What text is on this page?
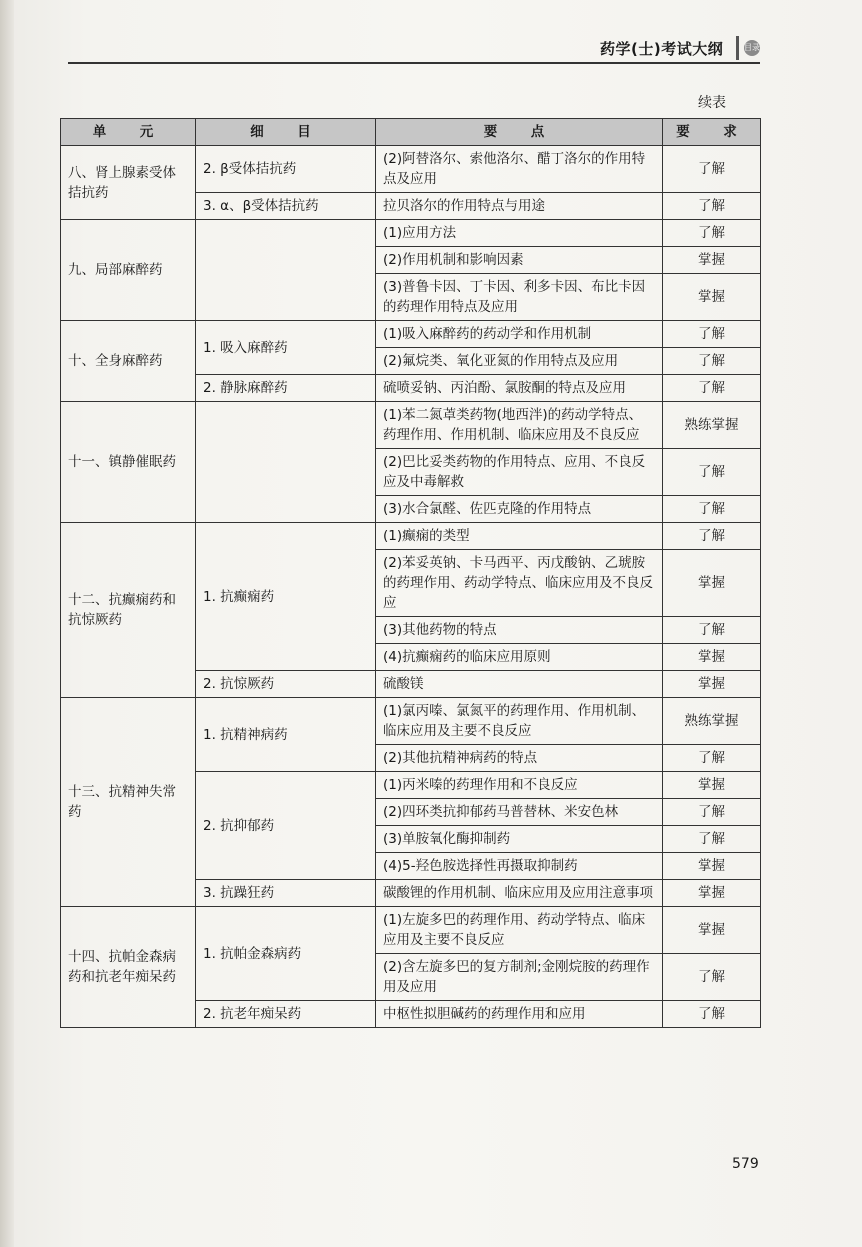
药学(士)考试大纲	目录
续表
单　元	细　目	要　点	要　求
八、肾上腺素受体拮抗药	2. β受体拮抗药	(2)阿替洛尔、索他洛尔、醋丁洛尔的作用特点及应用	了解
	3. α、β受体拮抗药	拉贝洛尔的作用特点与用途	了解
九、局部麻醉药		(1)应用方法	了解
		(2)作用机制和影响因素	掌握
		(3)普鲁卡因、丁卡因、利多卡因、布比卡因的药理作用特点及应用	掌握
十、全身麻醉药	1. 吸入麻醉药	(1)吸入麻醉药的药动学和作用机制	了解
		(2)氟烷类、氧化亚氮的作用特点及应用	了解
	2. 静脉麻醉药	硫喷妥钠、丙泊酚、氯胺酮的特点及应用	了解
十一、镇静催眠药		(1)苯二氮䓬类药物(地西泮)的药动学特点、药理作用、作用机制、临床应用及不良反应	熟练掌握
		(2)巴比妥类药物的作用特点、应用、不良反应及中毒解救	了解
		(3)水合氯醛、佐匹克隆的作用特点	了解
十二、抗癫痫药和抗惊厥药	1. 抗癫痫药	(1)癫痫的类型	了解
		(2)苯妥英钠、卡马西平、丙戊酸钠、乙琥胺的药理作用、药动学特点、临床应用及不良反应	掌握
		(3)其他药物的特点	了解
		(4)抗癫痫药的临床应用原则	掌握
	2. 抗惊厥药	硫酸镁	掌握
十三、抗精神失常药	1. 抗精神病药	(1)氯丙嗪、氯氮平的药理作用、作用机制、临床应用及主要不良反应	熟练掌握
		(2)其他抗精神病药的特点	了解
	2. 抗抑郁药	(1)丙米嗪的药理作用和不良反应	掌握
		(2)四环类抗抑郁药马普替林、米安色林	了解
		(3)单胺氧化酶抑制药	了解
		(4)5-羟色胺选择性再摄取抑制药	掌握
	3. 抗躁狂药	碳酸锂的作用机制、临床应用及应用注意事项	掌握
十四、抗帕金森病药和抗老年痴呆药	1. 抗帕金森病药	(1)左旋多巴的药理作用、药动学特点、临床应用及主要不良反应	掌握
		(2)含左旋多巴的复方制剂;金刚烷胺的药理作用及应用	了解
	2. 抗老年痴呆药	中枢性拟胆碱药的药理作用和应用	了解
579
